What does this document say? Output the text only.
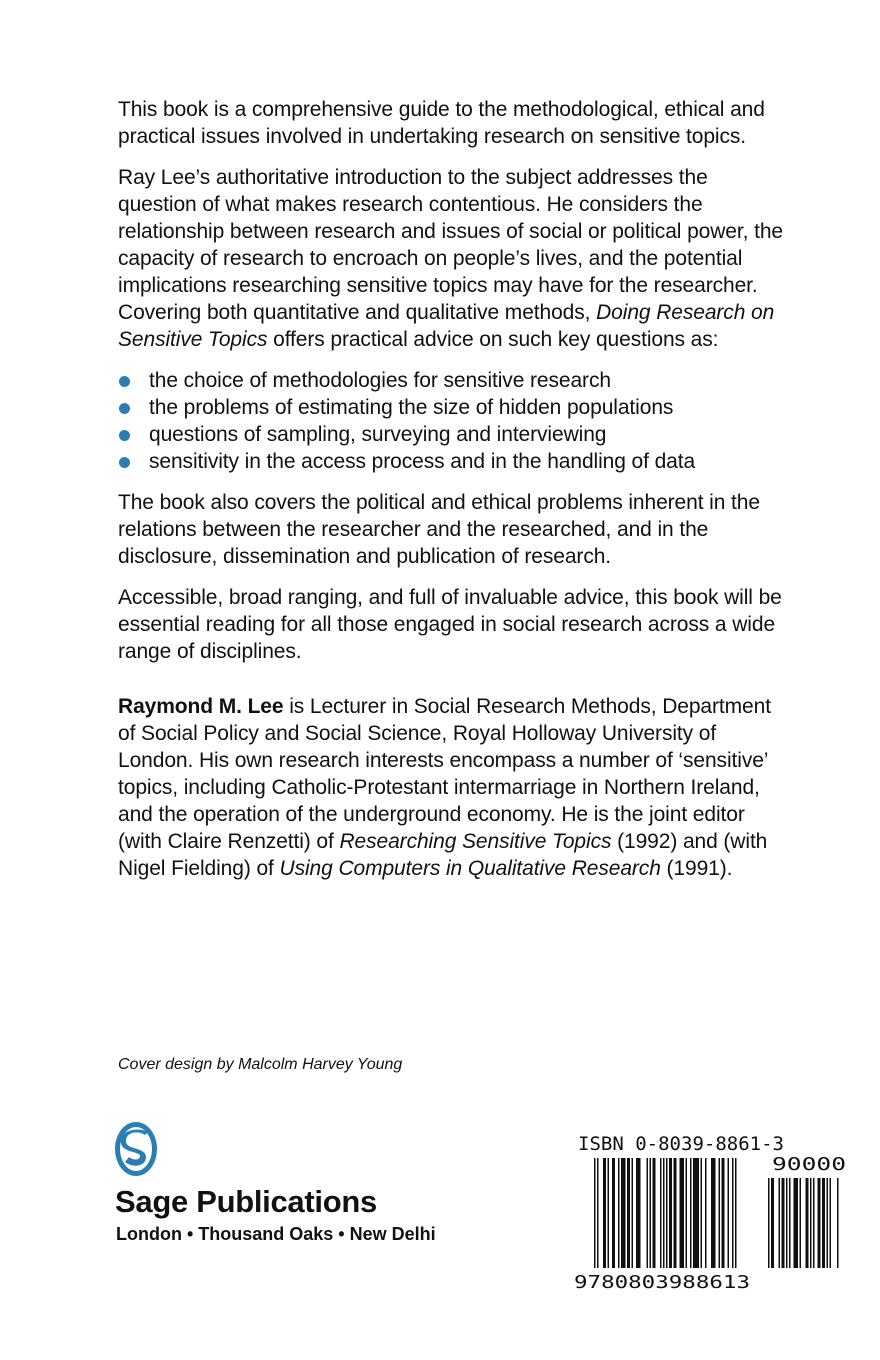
This book is a comprehensive guide to the methodological, ethical and practical issues involved in undertaking research on sensitive topics.

Ray Lee’s authoritative introduction to the subject addresses the question of what makes research contentious. He considers the relationship between research and issues of social or political power, the capacity of research to encroach on people’s lives, and the potential implications researching sensitive topics may have for the researcher. Covering both quantitative and qualitative methods, Doing Research on Sensitive Topics offers practical advice on such key questions as:

the choice of methodologies for sensitive research
the problems of estimating the size of hidden populations
questions of sampling, surveying and interviewing
sensitivity in the access process and in the handling of data

The book also covers the political and ethical problems inherent in the relations between the researcher and the researched, and in the disclosure, dissemination and publication of research.

Accessible, broad ranging, and full of invaluable advice, this book will be essential reading for all those engaged in social research across a wide range of disciplines.

Raymond M. Lee is Lecturer in Social Research Methods, Department of Social Policy and Social Science, Royal Holloway University of London. His own research interests encompass a number of ‘sensitive’ topics, including Catholic-Protestant intermarriage in Northern Ireland, and the operation of the underground economy. He is the joint editor (with Claire Renzetti) of Researching Sensitive Topics (1992) and (with Nigel Fielding) of Using Computers in Qualitative Research (1991).

Cover design by Malcolm Harvey Young
Sage Publications
London • Thousand Oaks • New Delhi
ISBN 0-8039-8861-3
90000
9780803988613
